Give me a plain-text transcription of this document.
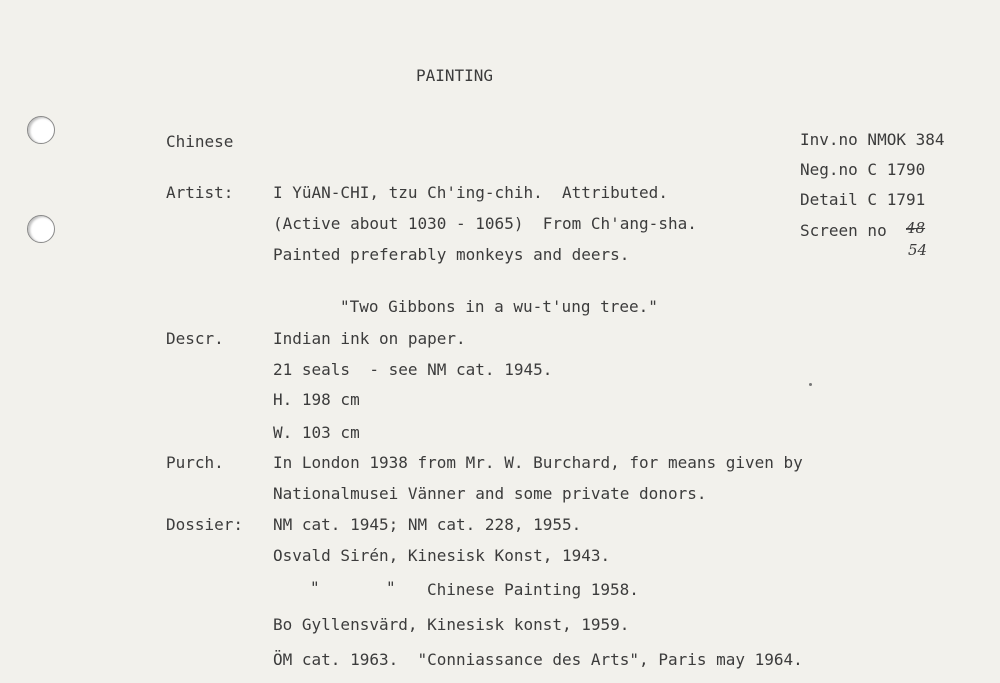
PAINTING
Chinese	Inv.no NMOK 384
Neg.no C 1790
Detail C 1791
Screen no 48
54
Artist: I YüAN-CHI, tzu Ch'ing-chih.  Attributed.
(Active about 1030 - 1065)  From Ch'ang-sha.
Painted preferably monkeys and deers.
"Two Gibbons in a wu-t'ung tree."
Descr.	Indian ink on paper.
21 seals  - see NM cat. 1945.
H. 198 cm
W. 103 cm
Purch.	In London 1938 from Mr. W. Burchard, for means given by
Nationalmusei Vänner and some private donors.
Dossier: NM cat. 1945; NM cat. 228, 1955.
Osvald Sirén, Kinesisk Konst, 1943.
"	" Chinese Painting 1958.
Bo Gyllensvärd, Kinesisk konst, 1959.
ÖM cat. 1963.  "Conniassance des Arts", Paris may 1964.
